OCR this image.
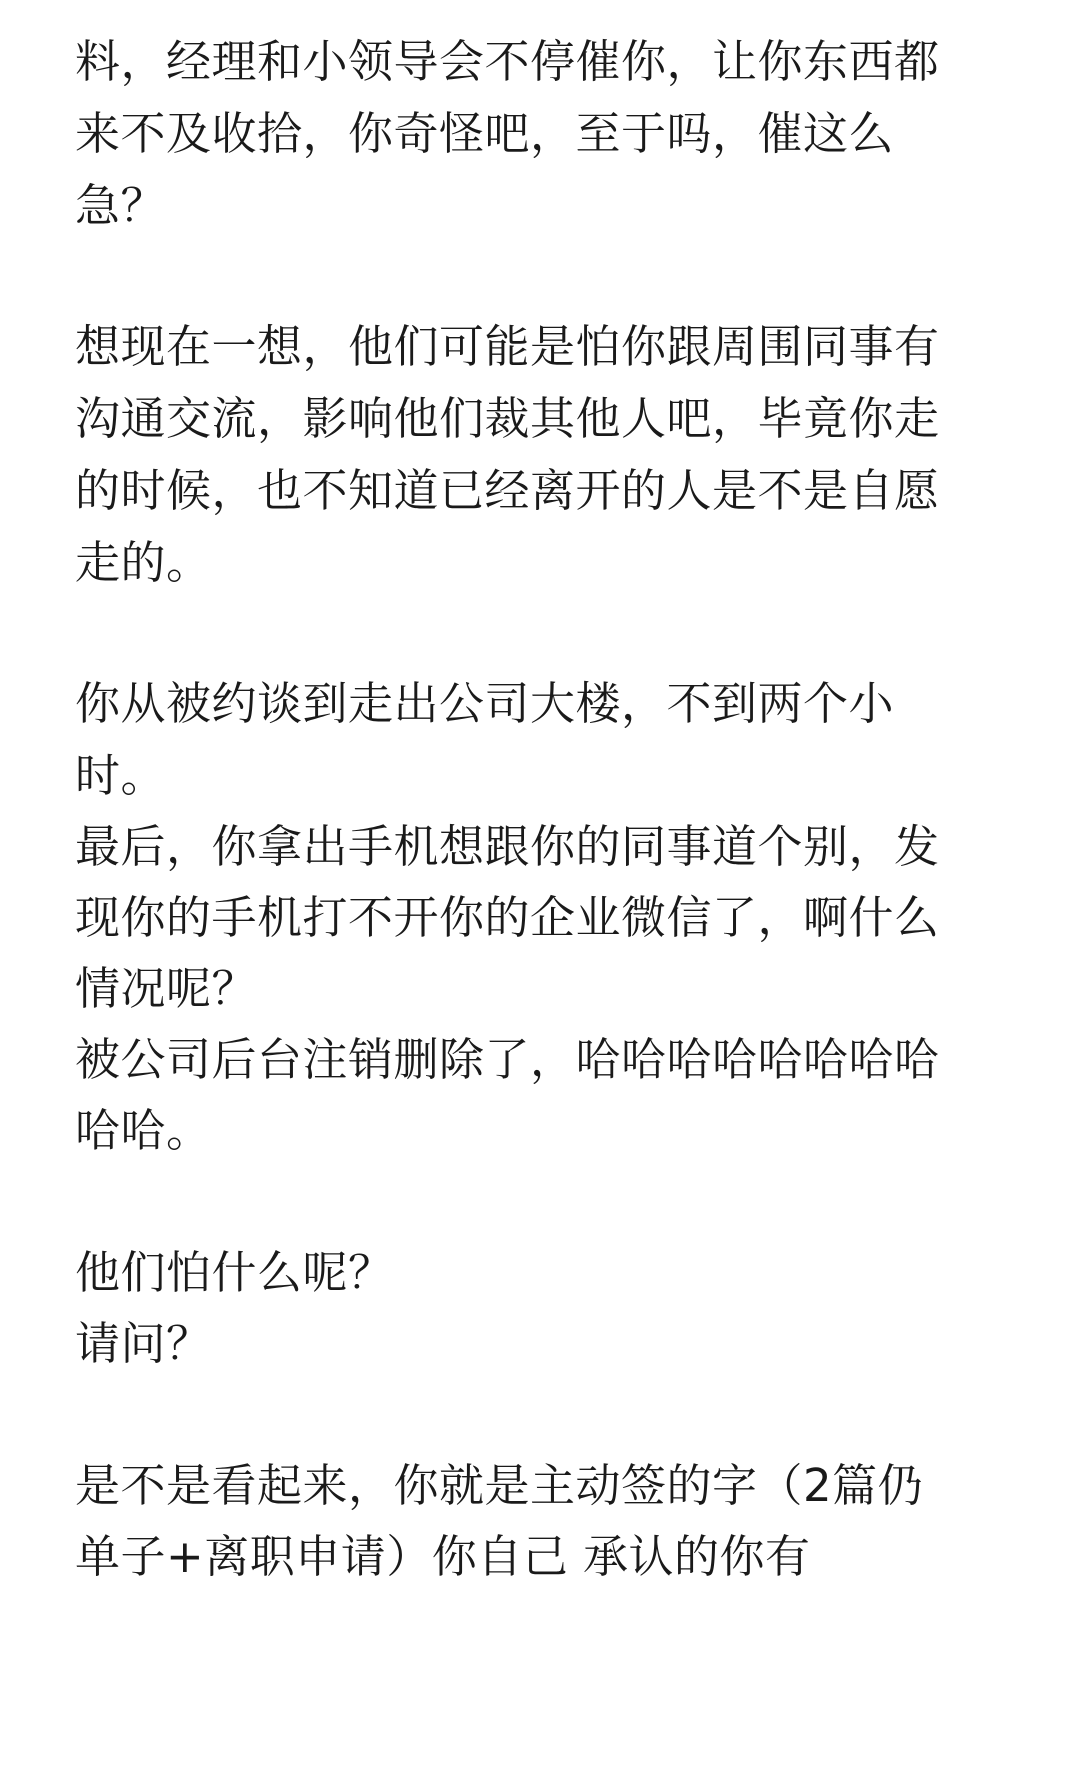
料，经理和小领导会不停催你，让你东西都
来不及收拾，你奇怪吧，至于吗，催这么
急？
想现在一想，他们可能是怕你跟周围同事有
沟通交流，影响他们裁其他人吧，毕竟你走
的时候，也不知道已经离开的人是不是自愿
走的。
你从被约谈到走出公司大楼，不到两个小
时。
最后，你拿出手机想跟你的同事道个别，发
现你的手机打不开你的企业微信了，啊什么
情况呢？
被公司后台注销删除了，哈哈哈哈哈哈哈哈
哈哈。
他们怕什么呢？
请问？
是不是看起来，你就是主动签的字（2篇仍
单子+离职申请）你自己 承认的你有
